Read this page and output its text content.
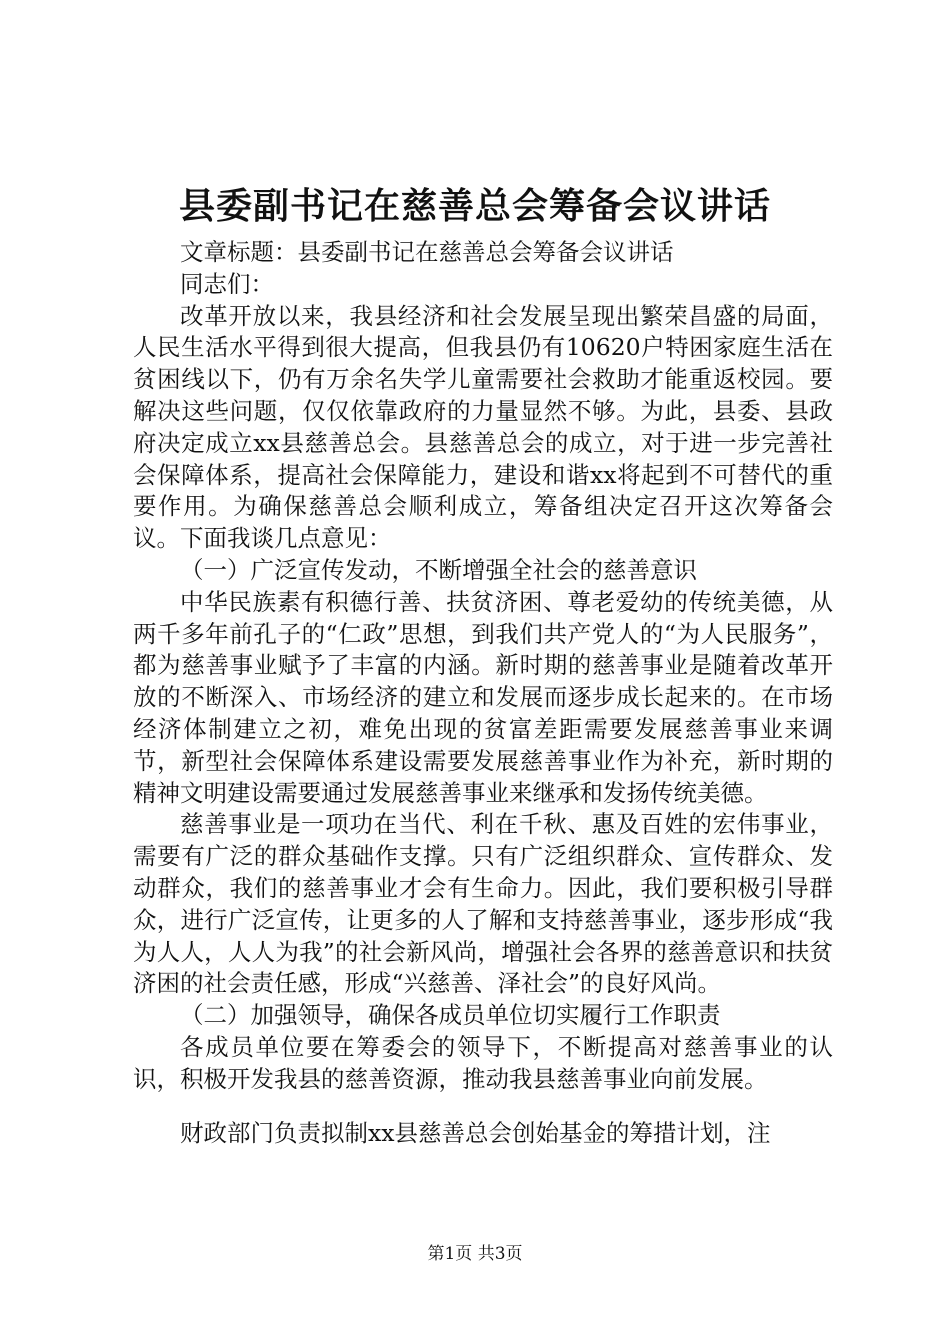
县委副书记在慈善总会筹备会议讲话

文章标题：县委副书记在慈善总会筹备会议讲话

同志们：

改革开放以来，我县经济和社会发展呈现出繁荣昌盛的局面，人民生活水平得到很大提高，但我县仍有10620户特困家庭生活在贫困线以下，仍有万余名失学儿童需要社会救助才能重返校园。要解决这些问题，仅仅依靠政府的力量显然不够。为此，县委、县政府决定成立xx县慈善总会。县慈善总会的成立，对于进一步完善社会保障体系，提高社会保障能力，建设和谐xx将起到不可替代的重要作用。为确保慈善总会顺利成立，筹备组决定召开这次筹备会议。下面我谈几点意见：

（一）广泛宣传发动，不断增强全社会的慈善意识

中华民族素有积德行善、扶贫济困、尊老爱幼的传统美德，从两千多年前孔子的“仁政”思想，到我们共产党人的“为人民服务”，都为慈善事业赋予了丰富的内涵。新时期的慈善事业是随着改革开放的不断深入、市场经济的建立和发展而逐步成长起来的。在市场经济体制建立之初，难免出现的贫富差距需要发展慈善事业来调节，新型社会保障体系建设需要发展慈善事业作为补充，新时期的精神文明建设需要通过发展慈善事业来继承和发扬传统美德。

慈善事业是一项功在当代、利在千秋、惠及百姓的宏伟事业，需要有广泛的群众基础作支撑。只有广泛组织群众、宣传群众、发动群众，我们的慈善事业才会有生命力。因此，我们要积极引导群众，进行广泛宣传，让更多的人了解和支持慈善事业，逐步形成“我为人人，人人为我”的社会新风尚，增强社会各界的慈善意识和扶贫济困的社会责任感，形成“兴慈善、泽社会”的良好风尚。

（二）加强领导，确保各成员单位切实履行工作职责

各成员单位要在筹委会的领导下，不断提高对慈善事业的认识，积极开发我县的慈善资源，推动我县慈善事业向前发展。

财政部门负责拟制xx县慈善总会创始基金的筹措计划，注

第1页 共3页
